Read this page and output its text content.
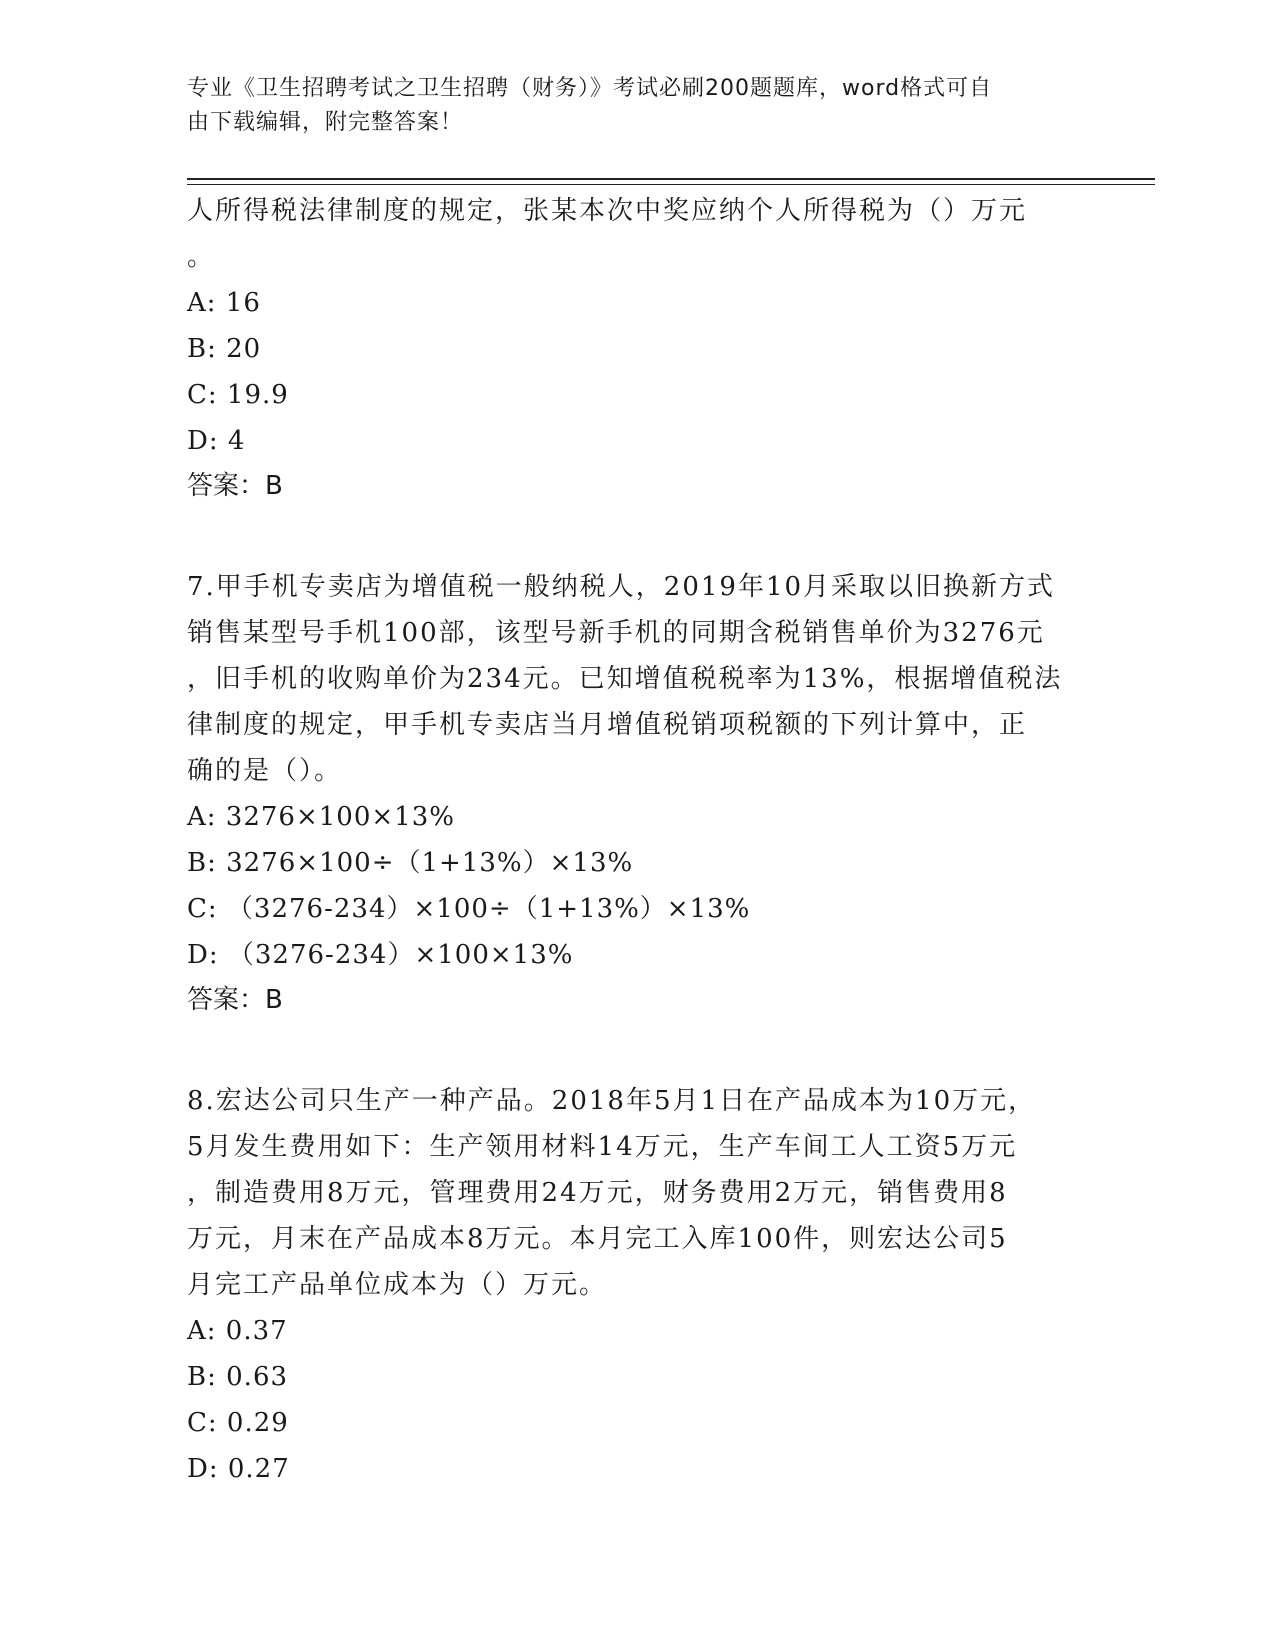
专业《卫生招聘考试之卫生招聘（财务）》考试必刷200题题库，word格式可自
由下载编辑，附完整答案！
人所得税法律制度的规定，张某本次中奖应纳个人所得税为（）万元
。
A: 16
B: 20
C: 19.9
D: 4
答案：B
7.甲手机专卖店为增值税一般纳税人，2019年10月采取以旧换新方式
销售某型号手机100部，该型号新手机的同期含税销售单价为3276元
，旧手机的收购单价为234元。已知增值税税率为13%，根据增值税法
律制度的规定，甲手机专卖店当月增值税销项税额的下列计算中，正
确的是（）。
A: 3276×100×13%
B: 3276×100÷（1+13%）×13%
C: （3276-234）×100÷（1+13%）×13%
D: （3276-234）×100×13%
答案：B
8.宏达公司只生产一种产品。2018年5月1日在产品成本为10万元，
5月发生费用如下：生产领用材料14万元，生产车间工人工资5万元
，制造费用8万元，管理费用24万元，财务费用2万元，销售费用8
万元，月末在产品成本8万元。本月完工入库100件，则宏达公司5
月完工产品单位成本为（）万元。
A: 0.37
B: 0.63
C: 0.29
D: 0.27
